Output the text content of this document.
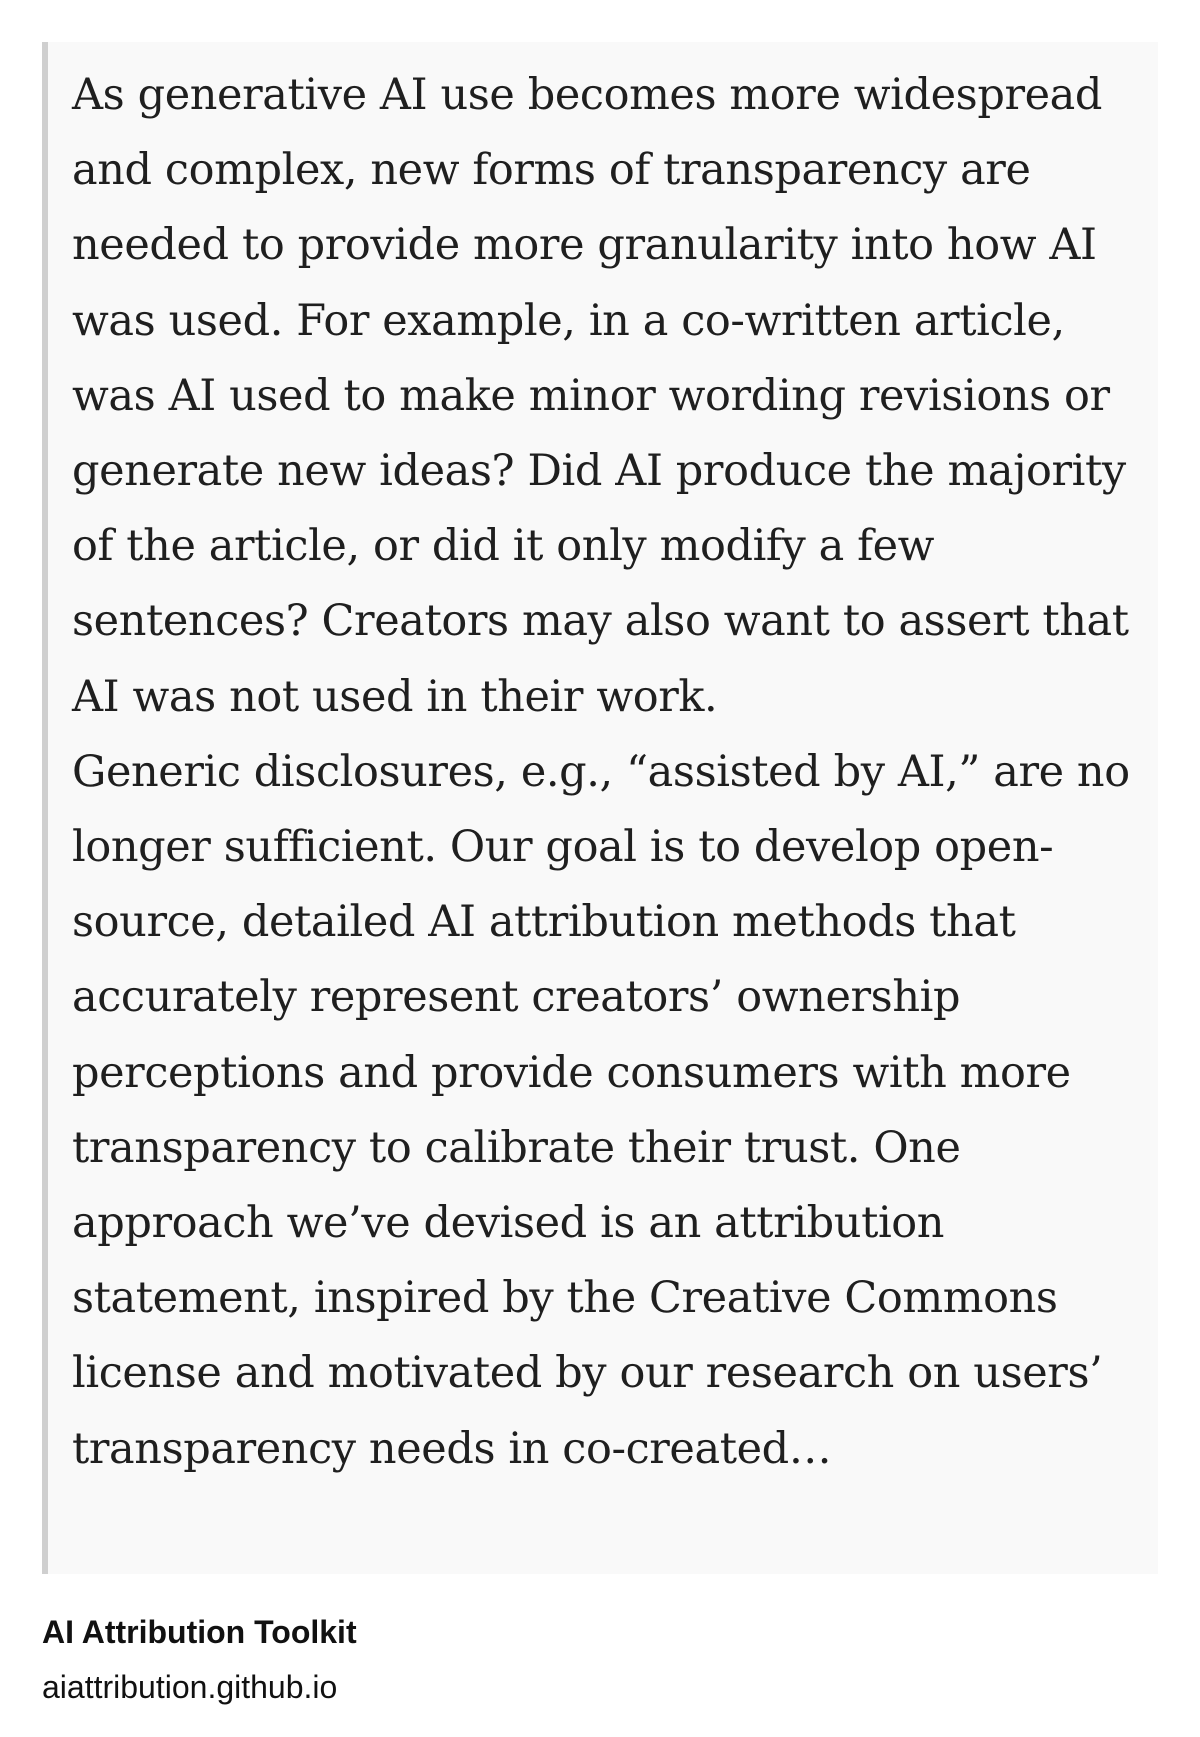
As generative AI use becomes more widespread and complex, new forms of transparency are needed to provide more granularity into how AI was used. For example, in a co-written article, was AI used to make minor wording revisions or generate new ideas? Did AI produce the majority of the article, or did it only modify a few sentences? Creators may also want to assert that AI was not used in their work.

Generic disclosures, e.g., “assisted by AI,” are no longer sufficient. Our goal is to develop open-source, detailed AI attribution methods that accurately represent creators’ ownership perceptions and provide consumers with more transparency to calibrate their trust. One approach we’ve devised is an attribution statement, inspired by the Creative Commons license and motivated by our research on users’ transparency needs in co-created…

AI Attribution Toolkit
aiattribution.github.io
